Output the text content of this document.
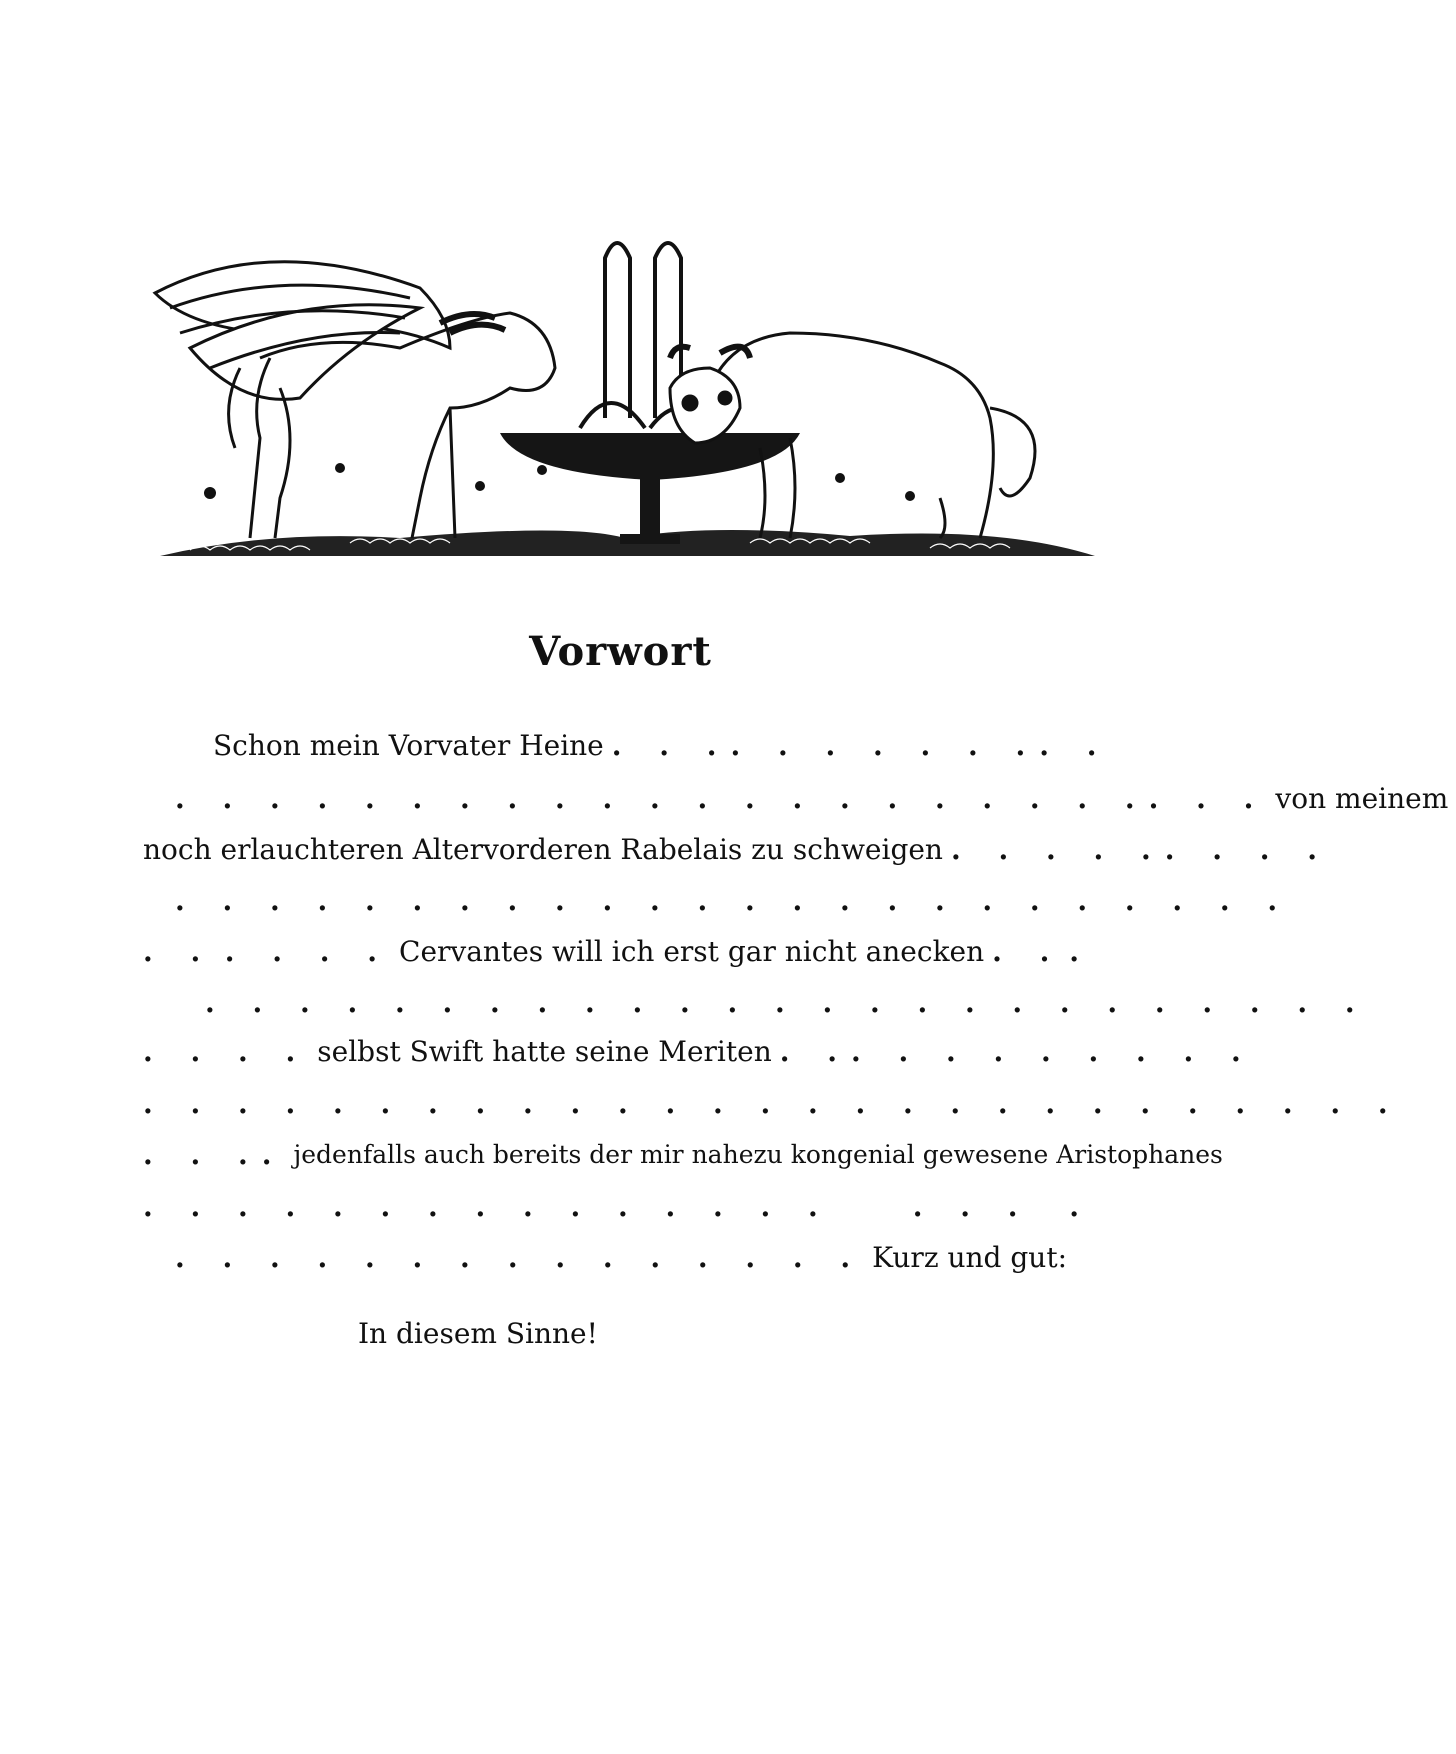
Vorwort
Schon mein Vorvater Heine . . . . . . . . . . . .
. . . . . . . . . . . . . . . . . . . . . . . . von meinem
noch erlauchteren Altervorderen Rabelais zu schweigen . . . . . . . . .
. . . . . . . . . . . . . . . . . . . . . . . .
. . . . . . Cervantes will ich erst gar nicht anecken . . .
. . . . . . . . . . . . . . . . . . . . . . . . .
. . . . selbst Swift hatte seine Meriten . . . . . . . . . . .
. . . . . . . . . . . . . . . . . . . . . . . . . . .
. . . . jedenfalls auch bereits der mir nahezu kongenial gewesene Aristophanes
. . . . . . . . . . . . . . .	. . . .
. . . . . . . . . . . . . . . Kurz und gut:
In diesem Sinne!
